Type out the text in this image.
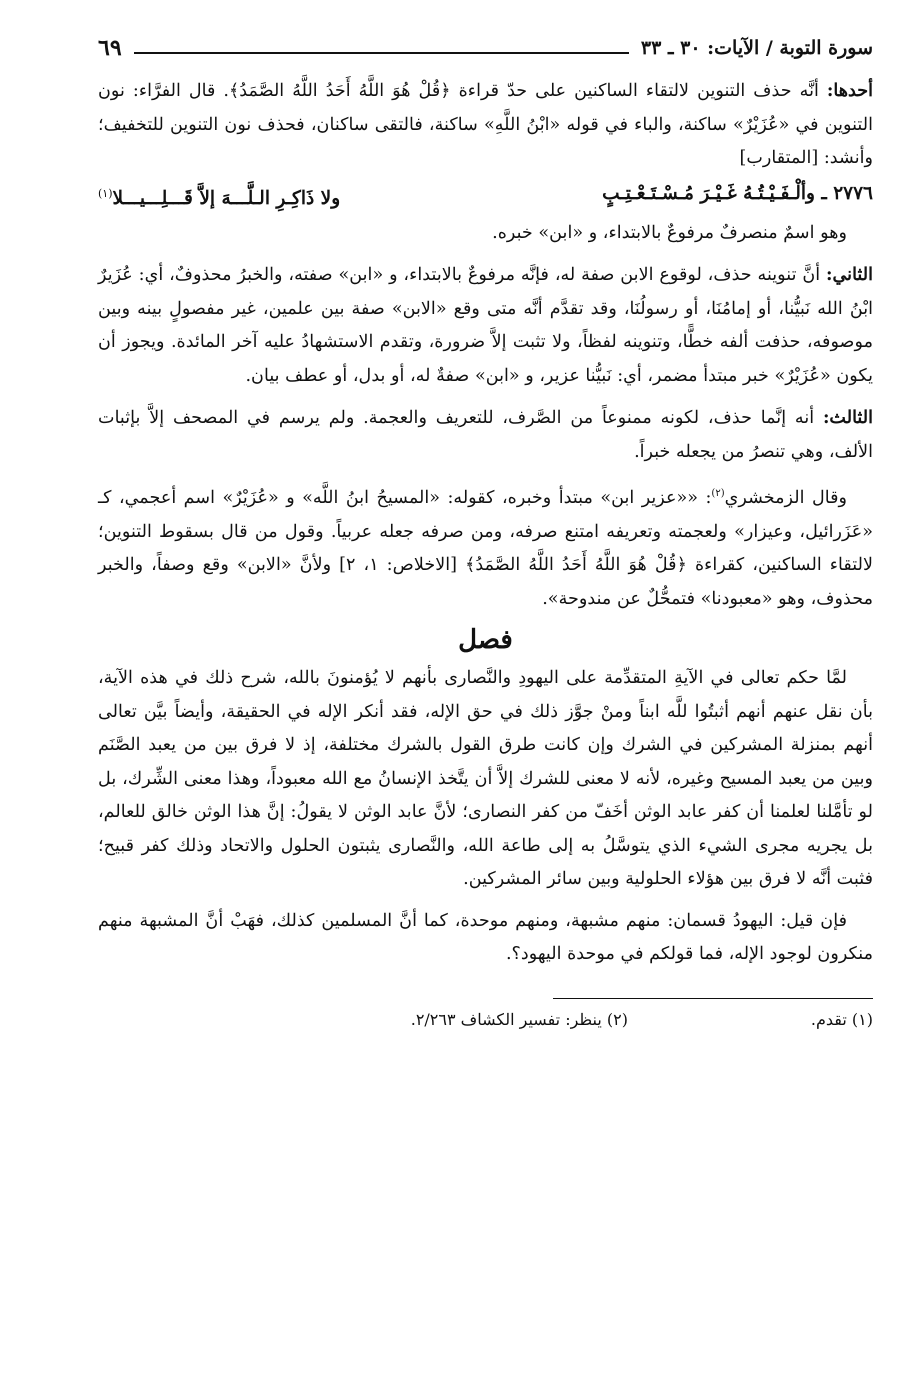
سورة التوبة / الآيات: ٣٠ ـ ٣٣
٦٩

أحدها: أنَّه حذف التنوين لالتقاء الساكنين على حدّ قراءة ﴿قُلْ هُوَ اللَّهُ أَحَدُ اللَّهُ الصَّمَدُ﴾. قال الفرَّاء: نون التنوين في «عُزَيْرٌ» ساكنة، والباء في قوله «ابْنُ اللَّهِ» ساكنة، فالتقى ساكنان، فحذف نون التنوين للتخفيف؛ وأنشد: [المتقارب]

٢٧٧٦ ـ وألْـفَـيْـتُـهُ غَـيْـرَ مُـسْـتَـعْـتِـبٍ
ولا ذَاكِـرِ الـلَّـــهَ إلاَّ قَـــلِـــيـــلا$^{(١)}$

وهو اسمٌ منصرفٌ مرفوعٌ بالابتداء، و «ابن» خبره.

الثاني: أنَّ تنوينه حذف، لوقوع الابن صفة له، فإنَّه مرفوعٌ بالابتداء، و «ابن» صفته، والخبرُ محذوفٌ، أي: عُزَيرٌ ابْنُ الله نَبيُّنا، أو إمامُنَا، أو رسولُنَا، وقد تقدَّم أنَّه متى وقع «الابن» صفة بين علمين، غير مفصولٍ بينه وبين موصوفه، حذفت ألفه خطًّا، وتنوينه لفظاً، ولا تثبت إلاَّ ضرورة، وتقدم الاستشهادُ عليه آخر المائدة. ويجوز أن يكون «عُزَيْرٌ» خبر مبتدأ مضمر، أي: نَبيُّنا عزير، و «ابن» صفةٌ له، أو بدل، أو عطف بيان.

الثالث: أنه إنَّما حذف، لكونه ممنوعاً من الصَّرف، للتعريف والعجمة. ولم يرسم في المصحف إلاَّ بإثبات الألف، وهي تنصرُ من يجعله خبراً.

وقال الزمخشري$^{(٢)}$: ««عزير ابن» مبتدأ وخبره، كقوله: «المسيحُ ابنُ اللَّه» و «عُزَيْرٌ» اسم أعجمي، كـ «عَزَرائيل، وعيزار» ولعجمته وتعريفه امتنع صرفه، ومن صرفه جعله عربياً. وقول من قال بسقوط التنوين؛ لالتقاء الساكنين، كقراءة ﴿قُلْ هُوَ اللَّهُ أَحَدُ اللَّهُ الصَّمَدُ﴾ [الاخلاص: ١، ٢] ولأنَّ «الابن» وقع وصفاً، والخبر محذوف، وهو «معبودنا» فتمحُّلٌ عن مندوحة».

فصل

لمَّا حكم تعالى في الآيةِ المتقدِّمة على اليهودِ والنَّصارى بأنهم لا يُؤمنونَ بالله، شرح ذلك في هذه الآية، بأن نقل عنهم أنهم أثبتُوا للَّه ابناً ومنْ جوَّز ذلك في حق الإله، فقد أنكر الإله في الحقيقة، وأيضاً بيَّن تعالى أنهم بمنزلة المشركين في الشرك وإن كانت طرق القول بالشرك مختلفة، إذ لا فرق بين من يعبد الصَّنَم وبين من يعبد المسيح وغيره، لأنه لا معنى للشرك إلاَّ أن يتَّخذ الإنسانُ مع الله معبوداً، وهذا معنى الشِّرك، بل لو تأمَّلنا لعلمنا أن كفر عابد الوثن أخَفّ من كفر النصارى؛ لأنَّ عابد الوثن لا يقولُ: إنَّ هذا الوثن خالق للعالم، بل يجريه مجرى الشيء الذي يتوسَّلُ به إلى طاعة الله، والنَّصارى يثبتون الحلول والاتحاد وذلك كفر قبيح؛ فثبت أنَّه لا فرق بين هؤلاء الحلولية وبين سائر المشركين.

فإن قيل: اليهودُ قسمان: منهم مشبهة، ومنهم موحدة، كما أنَّ المسلمين كذلك، فهَبْ أنَّ المشبهة منهم منكرون لوجود الإله، فما قولكم في موحدة اليهود؟.

(١) تقدم.
(٢) ينظر: تفسير الكشاف ٢/٢٦٣.
